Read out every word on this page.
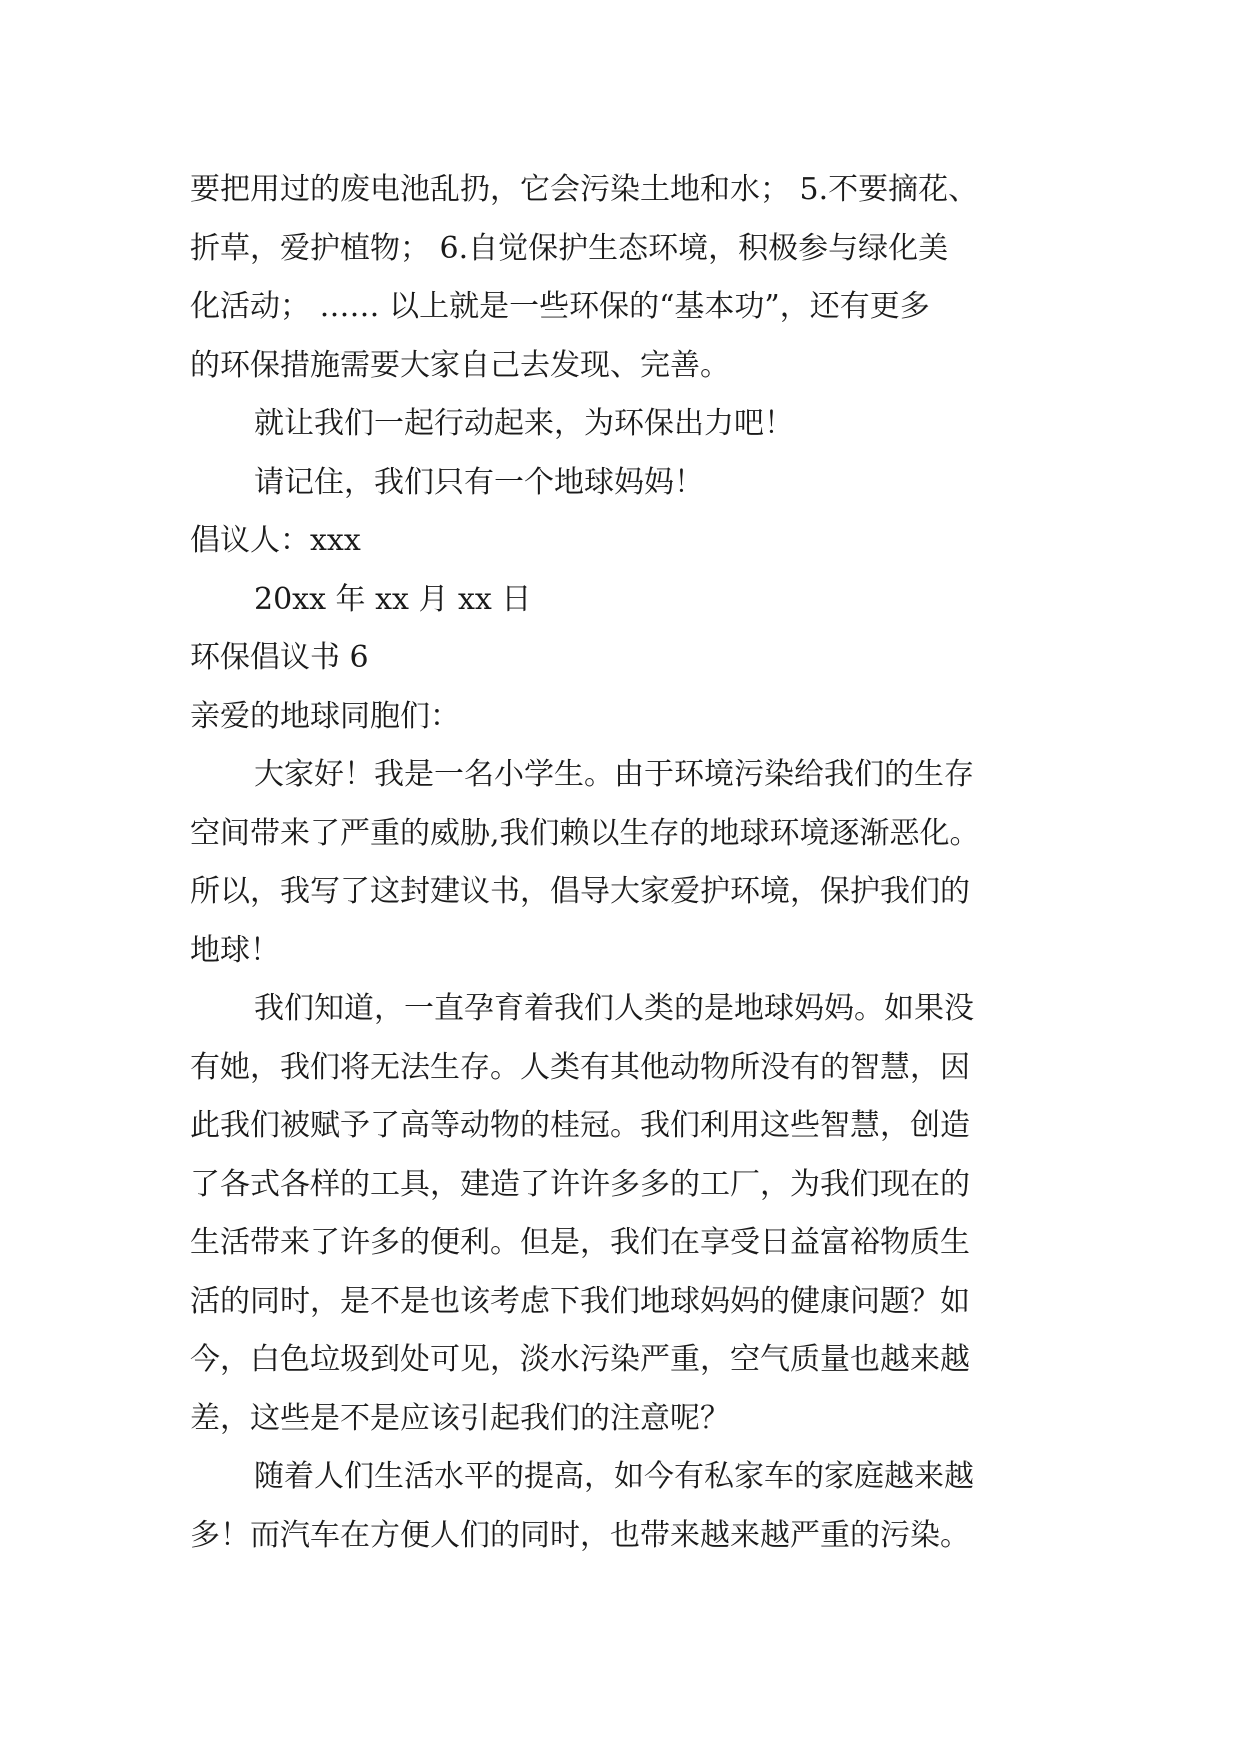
要把用过的废电池乱扔，它会污染土地和水； 5.不要摘花、

折草，爱护植物； 6.自觉保护生态环境，积极参与绿化美

化活动； …… 以上就是一些环保的“基本功”，还有更多

的环保措施需要大家自己去发现、完善。

就让我们一起行动起来，为环保出力吧！

请记住，我们只有一个地球妈妈！

倡议人：xxx

20xx 年 xx 月 xx 日

环保倡议书 6

亲爱的地球同胞们：

大家好！我是一名小学生。由于环境污染给我们的生存

空间带来了严重的威胁,我们赖以生存的地球环境逐渐恶化。

所以，我写了这封建议书，倡导大家爱护环境，保护我们的

地球！

我们知道，一直孕育着我们人类的是地球妈妈。如果没

有她，我们将无法生存。人类有其他动物所没有的智慧，因

此我们被赋予了高等动物的桂冠。我们利用这些智慧，创造

了各式各样的工具，建造了许许多多的工厂，为我们现在的

生活带来了许多的便利。但是，我们在享受日益富裕物质生

活的同时，是不是也该考虑下我们地球妈妈的健康问题？如

今，白色垃圾到处可见，淡水污染严重，空气质量也越来越

差，这些是不是应该引起我们的注意呢？

随着人们生活水平的提高，如今有私家车的家庭越来越

多！而汽车在方便人们的同时，也带来越来越严重的污染。
